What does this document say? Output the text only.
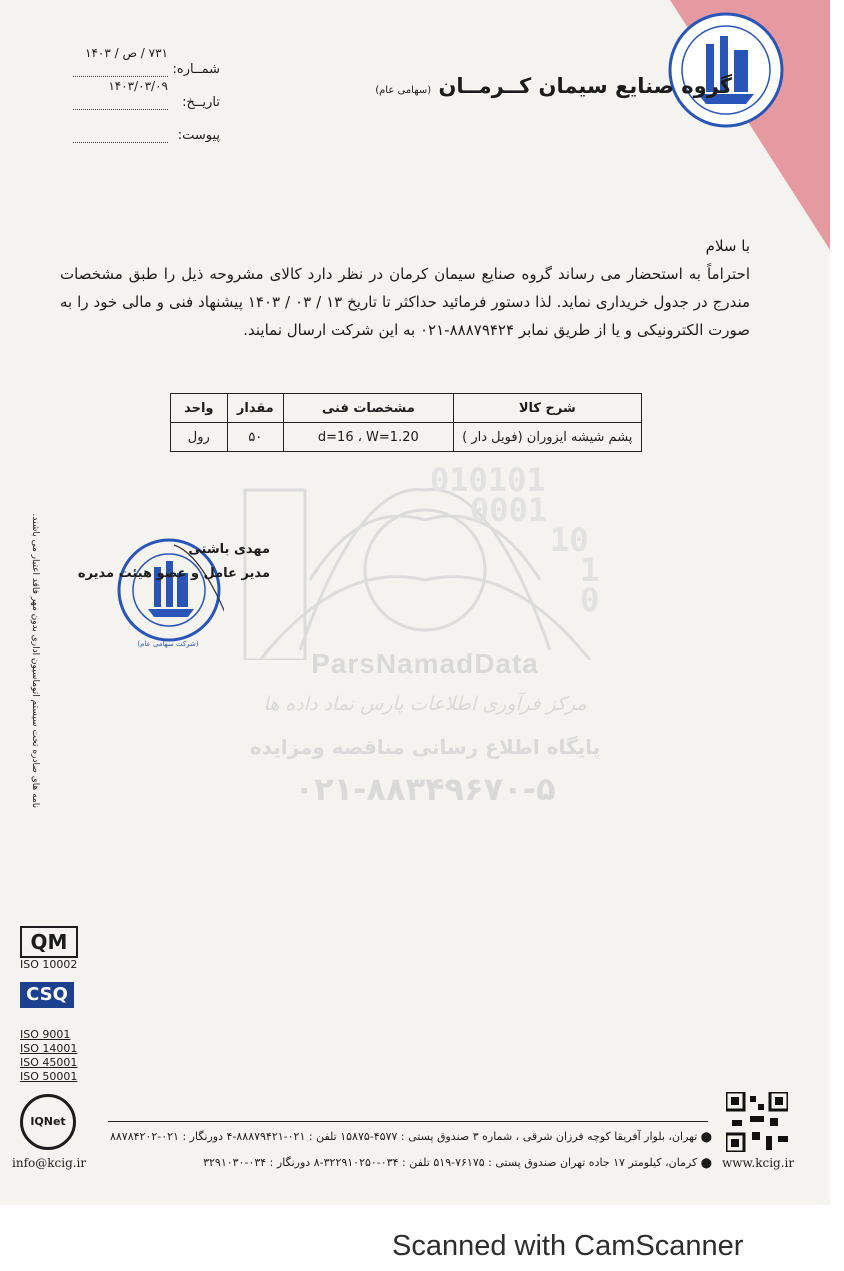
گروه صنایع سیمان کــرمــان (سهامی عام)
شمــاره:
۷۳۱ / ص / ۱۴۰۳
تاریــخ:
۱۴۰۳/۰۳/۰۹
پیوست:
010101
0001
10
1
0
ParsNamadData
مرکز فرآوری اطلاعات پارس نماد داده ها
پایگاه اطلاع رسانی مناقصه ومزایده
۰۲۱-۸۸۳۴۹۶۷۰-۵
با سلام
احتراماً به استحضار می رساند گروه صنایع سیمان کرمان در نظر دارد کالای مشروحه ذیل را طبق مشخصات مندرج در جدول خریداری نماید. لذا دستور فرمائید حداکثر تا تاریخ ۱۳ / ۰۳ / ۱۴۰۳ پیشنهاد فنی و مالی خود را به صورت الکترونیکی و یا از طریق نمابر ۸۸۸۷۹۴۲۴-۰۲۱ به این شرکت ارسال نمایند.
شرح کالا	مشخصات فنی	مقدار	واحد
پشم شیشه ایزوران (فویل دار )	d=16 ، W=1.20	۵۰	رول
(شرکت سهامی عام)
مهدی باشتی
مدیر عامل و عضو هیئت مدیره
نامه های صادره تحت سیستم اتوماسیون اداری بدون مهر فاقد اعتبار می باشند.
QM
ISO 10002
CSQ
ISO 9001
ISO 14001
ISO 45001
ISO 50001
IQNet
⬤ تهران، بلوار آفریقا کوچه فرزان شرقی ، شماره ۳ صندوق پستی : ۴۵۷۷-۱۵۸۷۵ تلفن : ۰۲۱-۸۸۸۷۹۴۲۱-۴ دورنگار : ۰۲۱-۸۸۷۸۴۲۰۲
⬤ کرمان، کیلومتر ۱۷ جاده تهران صندوق پستی : ۷۶۱۷۵-۵۱۹ تلفن : ۰۳۴-۳۲۲۹۱۰۲۵۰-۸ دورنگار : ۰۳۴-۳۲۹۱۰۳۰	www.kcig.ir
info@kcig.ir
Scanned with CamScanner
